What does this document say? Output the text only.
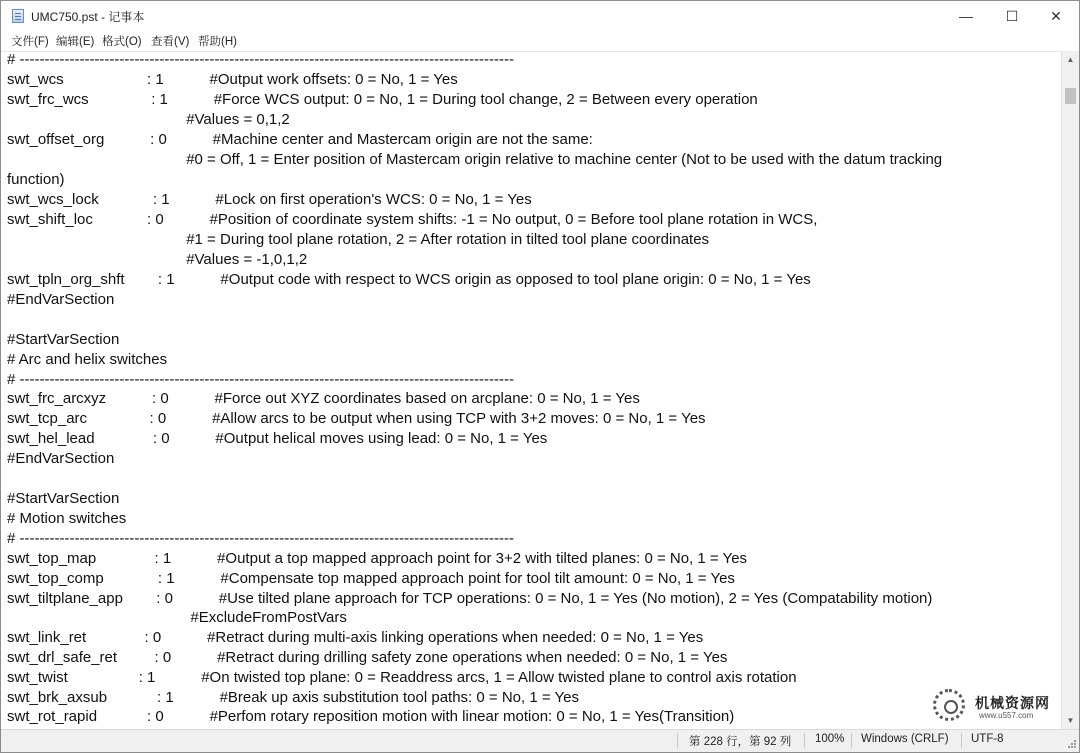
UMC750.pst - 记事本	—	☐	✕
文件(F) 编辑(E) 格式(O) 查看(V) 帮助(H)
# ---------------------------------------------------------------------------------------------------
swt_wcs                    : 1           #Output work offsets: 0 = No, 1 = Yes
swt_frc_wcs               : 1           #Force WCS output: 0 = No, 1 = During tool change, 2 = Between every operation
#Values = 0,1,2
swt_offset_org           : 0           #Machine center and Mastercam origin are not the same:
#0 = Off, 1 = Enter position of Mastercam origin relative to machine center (Not to be used with the datum tracking
function)
swt_wcs_lock             : 1           #Lock on first operation's WCS: 0 = No, 1 = Yes
swt_shift_loc             : 0           #Position of coordinate system shifts: -1 = No output, 0 = Before tool plane rotation in WCS,
#1 = During tool plane rotation, 2 = After rotation in tilted tool plane coordinates
#Values = -1,0,1,2
swt_tpln_org_shft        : 1           #Output code with respect to WCS origin as opposed to tool plane origin: 0 = No, 1 = Yes
#EndVarSection
#StartVarSection
# Arc and helix switches
# ---------------------------------------------------------------------------------------------------
swt_frc_arcxyz           : 0           #Force out XYZ coordinates based on arcplane: 0 = No, 1 = Yes
swt_tcp_arc               : 0           #Allow arcs to be output when using TCP with 3+2 moves: 0 = No, 1 = Yes
swt_hel_lead              : 0           #Output helical moves using lead: 0 = No, 1 = Yes
#EndVarSection
#StartVarSection
# Motion switches
# ---------------------------------------------------------------------------------------------------
swt_top_map              : 1           #Output a top mapped approach point for 3+2 with tilted planes: 0 = No, 1 = Yes
swt_top_comp             : 1           #Compensate top mapped approach point for tool tilt amount: 0 = No, 1 = Yes
swt_tiltplane_app        : 0           #Use tilted plane approach for TCP operations: 0 = No, 1 = Yes (No motion), 2 = Yes (Compatability motion)
#ExcludeFromPostVars
swt_link_ret              : 0           #Retract during multi-axis linking operations when needed: 0 = No, 1 = Yes
swt_drl_safe_ret         : 0           #Retract during drilling safety zone operations when needed: 0 = No, 1 = Yes
swt_twist                 : 1           #On twisted top plane: 0 = Readdress arcs, 1 = Allow twisted plane to control axis rotation
swt_brk_axsub            : 1           #Break up axis substitution tool paths: 0 = No, 1 = Yes
swt_rot_rapid            : 0           #Perfom rotary reposition motion with linear motion: 0 = No, 1 = Yes(Transition)
▲
▼
机械资源网
www.u557.com
第 228 行，第 92 列 100% Windows (CRLF) UTF-8
